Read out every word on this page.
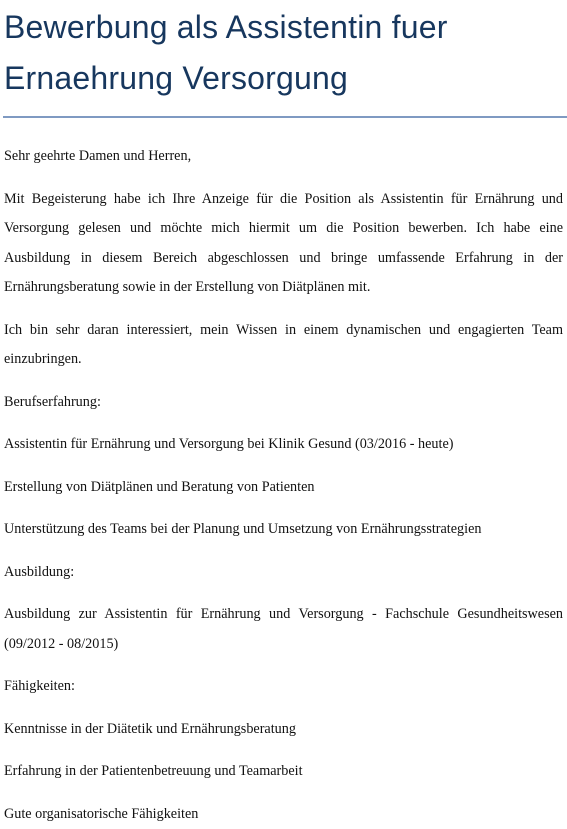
Bewerbung als Assistentin fuer
Ernaehrung Versorgung

Sehr geehrte Damen und Herren,

Mit Begeisterung habe ich Ihre Anzeige für die Position als Assistentin für Ernährung und Versorgung gelesen und möchte mich hiermit um die Position bewerben. Ich habe eine Ausbildung in diesem Bereich abgeschlossen und bringe umfassende Erfahrung in der Ernährungsberatung sowie in der Erstellung von Diätplänen mit.

Ich bin sehr daran interessiert, mein Wissen in einem dynamischen und engagierten Team einzubringen.

Berufserfahrung:

Assistentin für Ernährung und Versorgung bei Klinik Gesund (03/2016 - heute)

Erstellung von Diätplänen und Beratung von Patienten

Unterstützung des Teams bei der Planung und Umsetzung von Ernährungsstrategien

Ausbildung:

Ausbildung zur Assistentin für Ernährung und Versorgung - Fachschule Gesundheitswesen (09/2012 - 08/2015)

Fähigkeiten:

Kenntnisse in der Diätetik und Ernährungsberatung

Erfahrung in der Patientenbetreuung und Teamarbeit

Gute organisatorische Fähigkeiten
